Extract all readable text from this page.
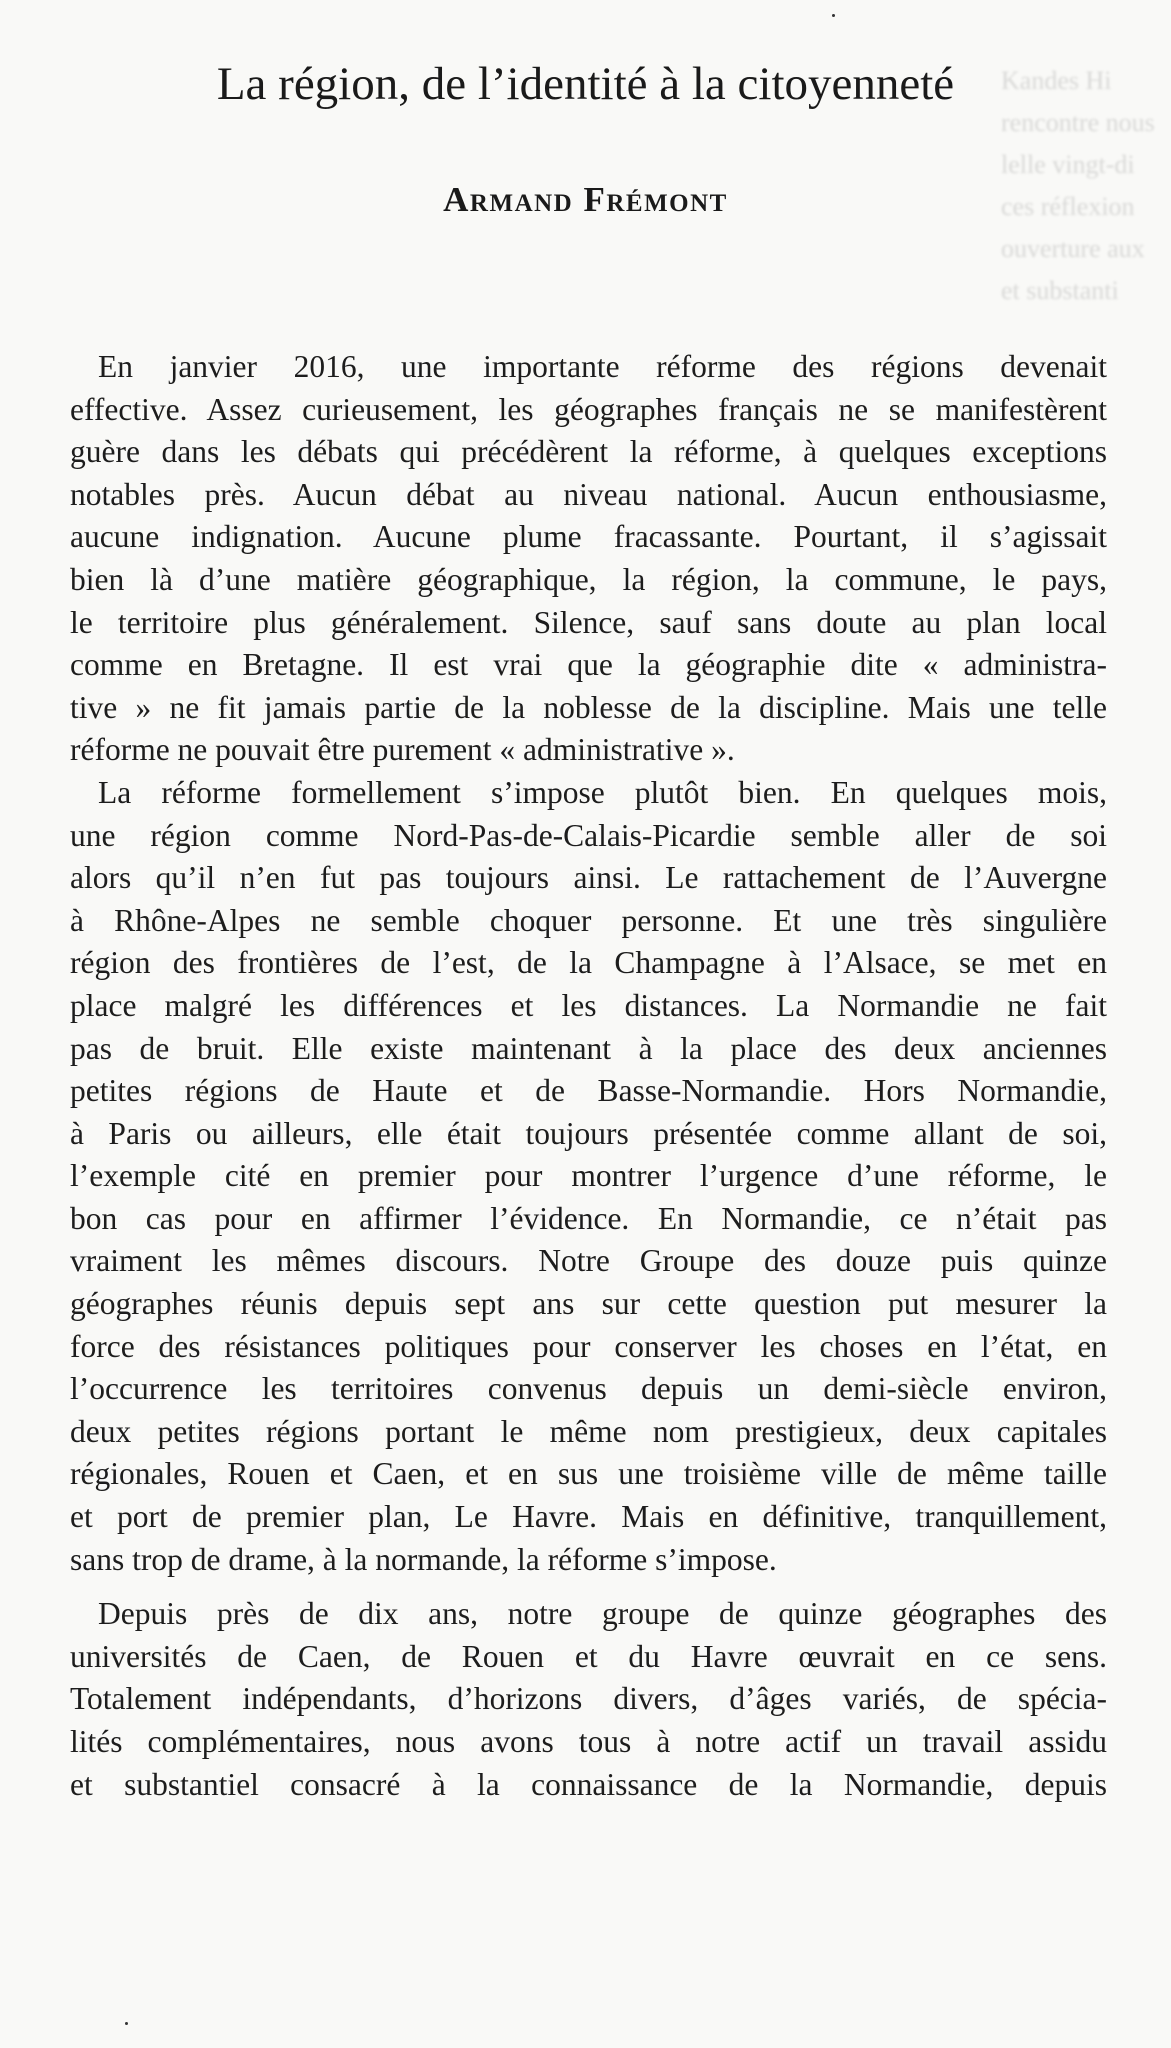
Kandes Hi
rencontre nous
lelle vingt-di
ces réflexion
ouverture aux
et substanti
La région, de l’identité à la citoyenneté
Armand Frémont
En janvier 2016, une importante réforme des régions devenait
effective. Assez curieusement, les géographes français ne se manifestèrent
guère dans les débats qui précédèrent la réforme, à quelques exceptions
notables près. Aucun débat au niveau national. Aucun enthousiasme,
aucune indignation. Aucune plume fracassante. Pourtant, il s’agissait
bien là d’une matière géographique, la région, la commune, le pays,
le territoire plus généralement. Silence, sauf sans doute au plan local
comme en Bretagne. Il est vrai que la géographie dite « administra-
tive » ne fit jamais partie de la noblesse de la discipline. Mais une telle
réforme ne pouvait être purement « administrative ».
La réforme formellement s’impose plutôt bien. En quelques mois,
une région comme Nord-Pas-de-Calais-Picardie semble aller de soi
alors qu’il n’en fut pas toujours ainsi. Le rattachement de l’Auvergne
à Rhône-Alpes ne semble choquer personne. Et une très singulière
région des frontières de l’est, de la Champagne à l’Alsace, se met en
place malgré les différences et les distances. La Normandie ne fait
pas de bruit. Elle existe maintenant à la place des deux anciennes
petites régions de Haute et de Basse-Normandie. Hors Normandie,
à Paris ou ailleurs, elle était toujours présentée comme allant de soi,
l’exemple cité en premier pour montrer l’urgence d’une réforme, le
bon cas pour en affirmer l’évidence. En Normandie, ce n’était pas
vraiment les mêmes discours. Notre Groupe des douze puis quinze
géographes réunis depuis sept ans sur cette question put mesurer la
force des résistances politiques pour conserver les choses en l’état, en
l’occurrence les territoires convenus depuis un demi-siècle environ,
deux petites régions portant le même nom prestigieux, deux capitales
régionales, Rouen et Caen, et en sus une troisième ville de même taille
et port de premier plan, Le Havre. Mais en définitive, tranquillement,
sans trop de drame, à la normande, la réforme s’impose.
Depuis près de dix ans, notre groupe de quinze géographes des
universités de Caen, de Rouen et du Havre œuvrait en ce sens.
Totalement indépendants, d’horizons divers, d’âges variés, de spécia-
lités complémentaires, nous avons tous à notre actif un travail assidu
et substantiel consacré à la connaissance de la Normandie, depuis
